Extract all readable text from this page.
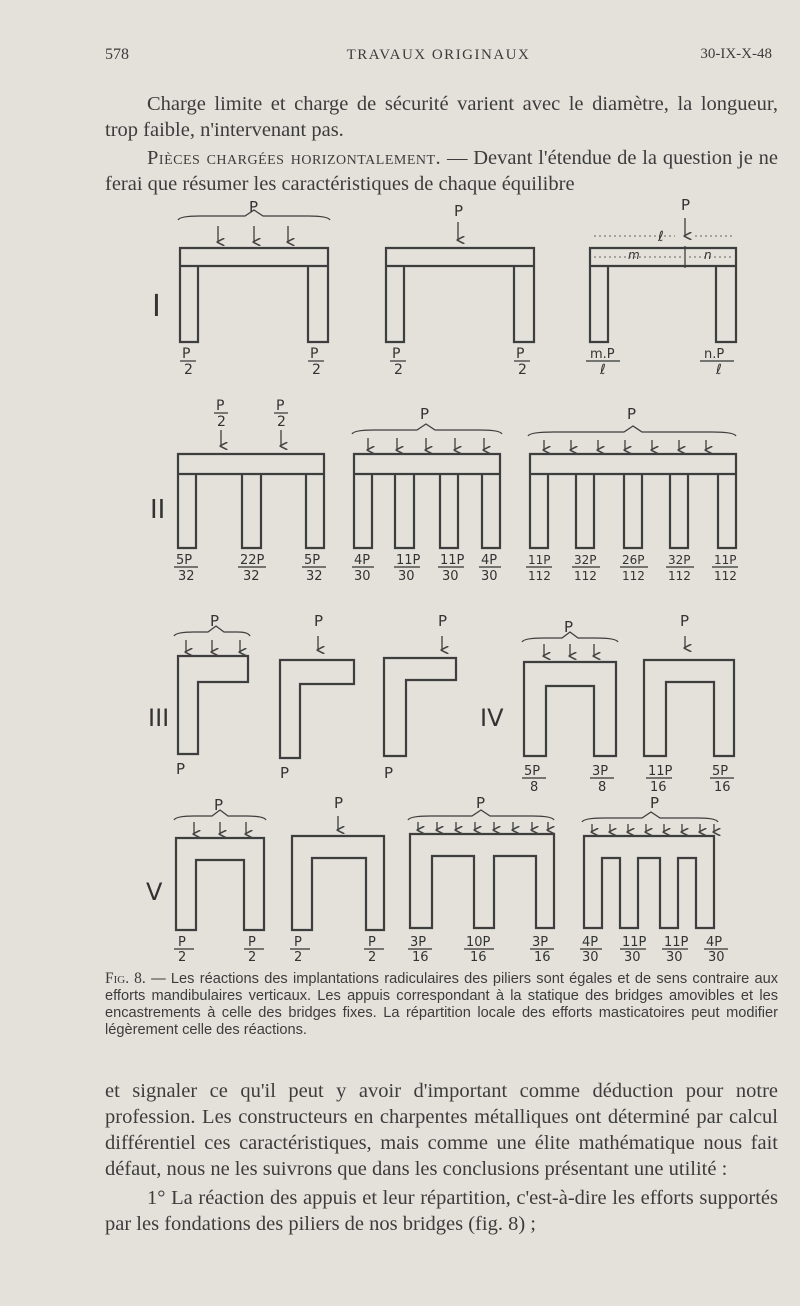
578	TRAVAUX ORIGINAUX	30-IX-X-48
Charge limite et charge de sécurité varient avec le diamètre, la longueur, trop faible, n'intervenant pas.
Pièces chargées horizontalement. — Devant l'étendue de la question je ne ferai que résumer les caractéristiques de chaque équilibre
I
P
P
2
P
2
P
P
2
P
2
P
ℓ
m	n
m.P
ℓ
n.P
ℓ
II
P
2
P
2
5P
32
22P
32
5P
32
P
4P
30
11P
30
11P
30
4P
30
P
11P
112
32P
112
26P
112
32P
112
11P
112
III
P
P
P
P
P
P
IV
P	P
5P
8
3P
8
11P
16
5P
16
V
P	P	P	P
P
2
P
2
P
2
P
2
3P
16
10P
16
3P
16
4P
30
11P
30
11P
30
4P
30
Fig. 8. — Les réactions des implantations radiculaires des piliers sont égales et de sens contraire aux efforts mandibulaires verticaux. Les appuis correspondant à la statique des bridges amovibles et les encastrements à celle des bridges fixes. La répartition locale des efforts masticatoires peut modifier légèrement celle des réactions.
et signaler ce qu'il peut y avoir d'important comme déduction pour notre profession. Les constructeurs en charpentes métalliques ont déterminé par calcul différentiel ces caractéristiques, mais comme une élite mathématique nous fait défaut, nous ne les suivrons que dans les conclusions présentant une utilité :
1° La réaction des appuis et leur répartition, c'est-à-dire les efforts supportés par les fondations des piliers de nos bridges (fig. 8) ;
